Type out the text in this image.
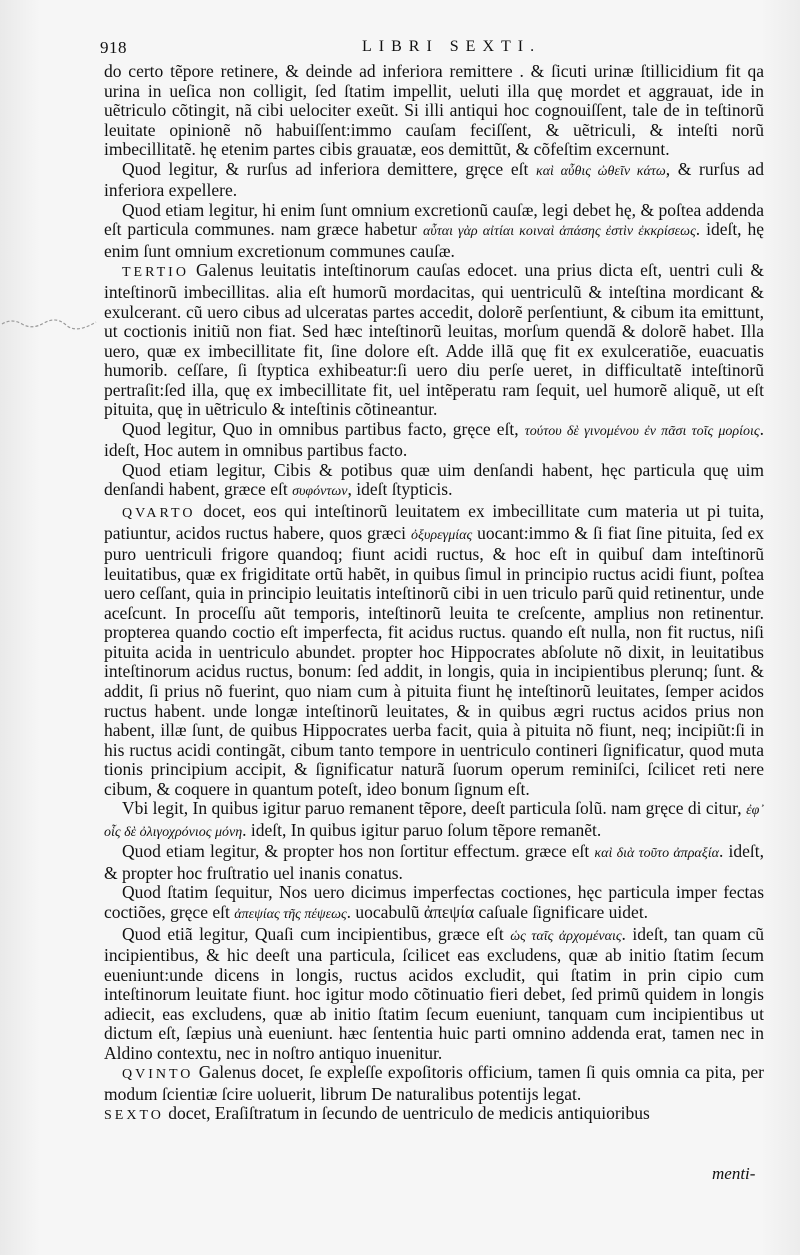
918	LIBRI SEXTI.

do certo tẽpore retinere, & deinde ad inferiora remittere . & ſicuti urinæ ſtillicidium fit qa urina in ueſica non colligit, ſed ſtatim impellit, ueluti illa quę mordet et aggrauat, ide in uẽtriculo cõtingit, nã cibi uelociter exeũt. Si illi antiqui hoc cognouiſſent, tale de in teſtinorũ leuitate opinionẽ nõ habuiſſent:immo cauſam feciſſent, & uẽtriculi, & inteſti norũ imbecillitatẽ. hę etenim partes cibis grauatæ, eos demittũt, & cõfeſtim excernunt.

Quod legitur, & rurſus ad inferiora demittere, gręce eſt καὶ αὖθις ὠθεῖν κάτω, & rurſus ad inferiora expellere.

Quod etiam legitur, hi enim ſunt omnium excretionũ cauſæ, legi debet hę, & poſtea addenda eſt particula communes. nam græce habetur αὗται γὰρ αἰτίαι κοιναὶ ἁπάσης ἐστὶν ἐκκρίσεως. ideſt, hę enim ſunt omnium excretionum communes cauſæ.

TERTIO Galenus leuitatis inteſtinorum cauſas edocet. una prius dicta eſt, uentri culi & inteſtinorũ imbecillitas. alia eſt humorũ mordacitas, qui uentriculũ & inteſtina mordicant & exulcerant. cũ uero cibus ad ulceratas partes accedit, dolorẽ perſentiunt, & cibum ita emittunt, ut coctionis initiũ non fiat. Sed hæc inteſtinorũ leuitas, morſum quendã & dolorẽ habet. Illa uero, quæ ex imbecillitate fit, ſine dolore eſt. Adde illã quę fit ex exulceratiõe, euacuatis humorib. ceſſare, ſi ſtyptica exhibeatur:ſi uero diu perſe ueret, in difficultatẽ inteſtinorũ pertraſit:ſed illa, quę ex imbecillitate fit, uel intẽperatu ram ſequit, uel humorẽ aliquẽ, ut eſt pituita, quę in uẽtriculo & inteſtinis cõtineantur.

Quod legitur, Quo in omnibus partibus facto, gręce eſt, τούτου δὲ γινομένου ἐν πᾶσι τοῖς μορίοις. ideſt, Hoc autem in omnibus partibus facto.

Quod etiam legitur, Cibis & potibus quæ uim denſandi habent, hęc particula quę uim denſandi habent, græce eſt συφόντων, ideſt ſtypticis.

QVARTO docet, eos qui inteſtinorũ leuitatem ex imbecillitate cum materia ut pi tuita, patiuntur, acidos ructus habere, quos græci ὀξυρεγμίας uocant:immo & ſi fiat ſine pituita, ſed ex puro uentriculi frigore quandoq; fiunt acidi ructus, & hoc eſt in quibuſ dam inteſtinorũ leuitatibus, quæ ex frigiditate ortũ habẽt, in quibus ſimul in principio ructus acidi fiunt, poſtea uero ceſſant, quia in principio leuitatis inteſtinorũ cibi in uen triculo parũ quid retinentur, unde aceſcunt. In proceſſu aũt temporis, inteſtinorũ leuita te creſcente, amplius non retinentur. propterea quando coctio eſt imperfecta, fit acidus ructus. quando eſt nulla, non fit ructus, niſi pituita acida in uentriculo abundet. propter hoc Hippocrates abſolute nõ dixit, in leuitatibus inteſtinorum acidus ructus, bonum: ſed addit, in longis, quia in incipientibus plerunq; ſunt. & addit, ſi prius nõ fuerint, quo niam cum à pituita fiunt hę inteſtinorũ leuitates, ſemper acidos ructus habent. unde longæ inteſtinorũ leuitates, & in quibus ægri ructus acidos prius non habent, illæ ſunt, de quibus Hippocrates uerba facit, quia à pituita nõ fiunt, neq; incipiũt:ſi in his ructus acidi contingãt, cibum tanto tempore in uentriculo contineri ſignificatur, quod muta tionis principium accipit, & ſignificatur naturã ſuorum operum reminiſci, ſcilicet reti nere cibum, & coquere in quantum poteſt, ideo bonum ſignum eſt.

Vbi legit, In quibus igitur paruo remanent tẽpore, deeſt particula ſolũ. nam gręce di citur, ἐφ᾽ οἷς δὲ ὀλιγοχρόνιος μόνη. ideſt, In quibus igitur paruo ſolum tẽpore remanẽt.

Quod etiam legitur, & propter hos non ſortitur effectum. græce eſt καὶ διὰ τοῦτο ἀπραξία. ideſt, & propter hoc fruſtratio uel inanis conatus.

Quod ſtatim ſequitur, Nos uero dicimus imperfectas coctiones, hęc particula imper fectas coctiões, gręce eſt ἀπεψίας τῆς πέψεως. uocabulũ ἀπεψία caſuale ſignificare uidet.

Quod etiã legitur, Quaſi cum incipientibus, græce eſt ὡς ταῖς ἀρχομέναις. ideſt, tan quam cũ incipientibus, & hic deeſt una particula, ſcilicet eas excludens, quæ ab initio ſtatim ſecum eueniunt:unde dicens in longis, ructus acidos excludit, qui ſtatim in prin cipio cum inteſtinorum leuitate fiunt. hoc igitur modo cõtinuatio fieri debet, ſed primũ quidem in longis adiecit, eas excludens, quæ ab initio ſtatim ſecum eueniunt, tanquam cum incipientibus ut dictum eſt, ſæpius unà eueniunt. hæc ſententia huic parti omnino addenda erat, tamen nec in Aldino contextu, nec in noſtro antiquo inuenitur.

QVINTO Galenus docet, ſe expleſſe expoſitoris officium, tamen ſi quis omnia ca pita, per modum ſcientiæ ſcire uoluerit, librum De naturalibus potentijs legat.

SEXTO docet, Eraſiſtratum in ſecundo de uentriculo de medicis antiquioribus

menti-
